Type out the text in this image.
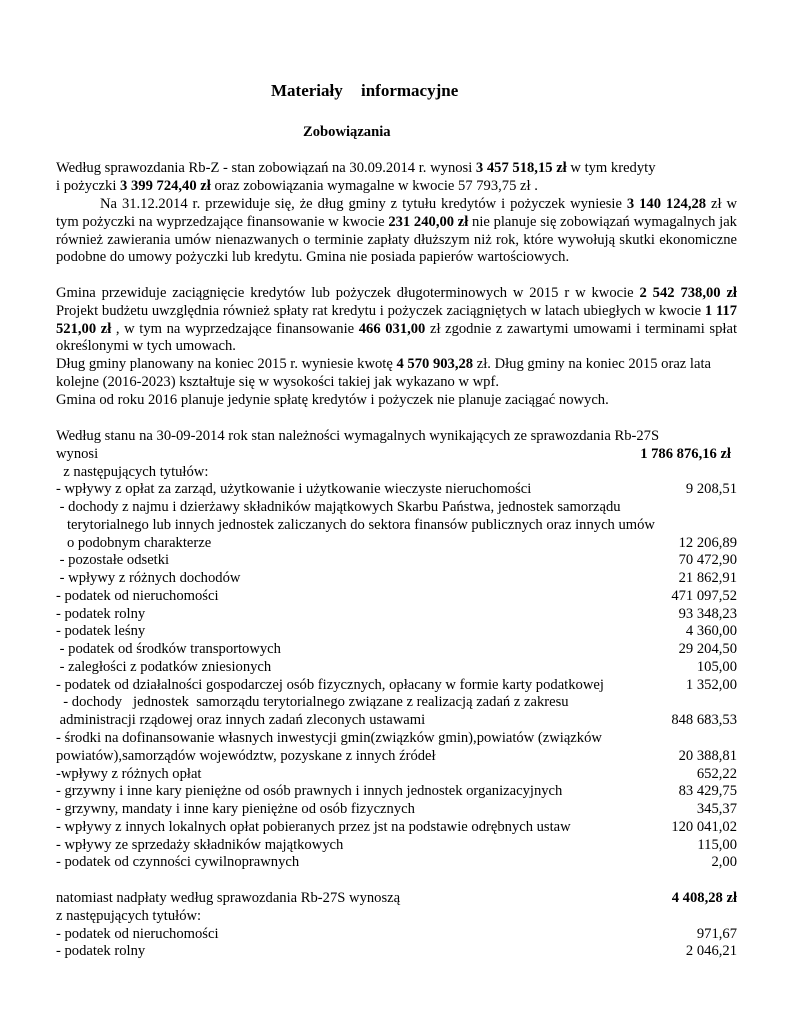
Materiały informacyjne
Zobowiązania
Według sprawozdania Rb-Z - stan zobowiązań na 30.09.2014 r. wynosi 3 457 518,15 zł w tym kredyty
i pożyczki 3 399 724,40 zł oraz zobowiązania wymagalne w kwocie 57 793,75 zł .
Na 31.12.2014 r. przewiduje się, że dług gminy z tytułu kredytów i pożyczek wyniesie 3 140 124,28 zł w tym pożyczki na wyprzedzające finansowanie w kwocie 231 240,00 zł nie planuje się zobowiązań wymagalnych jak również zawierania umów nienazwanych o terminie zapłaty dłuższym niż rok, które wywołują skutki ekonomiczne podobne do umowy pożyczki lub kredytu. Gmina nie posiada papierów wartościowych.
Gmina przewiduje zaciągnięcie kredytów lub pożyczek długoterminowych w 2015 r w kwocie 2 542 738,00 zł Projekt budżetu uwzględnia również spłaty rat kredytu i pożyczek zaciągniętych w latach ubiegłych w kwocie 1 117 521,00 zł , w tym na wyprzedzające finansowanie 466 031,00 zł zgodnie z zawartymi umowami i terminami spłat określonymi w tych umowach.
Dług gminy planowany na koniec 2015 r. wyniesie kwotę 4 570 903,28 zł. Dług gminy na koniec 2015 oraz lata kolejne (2016-2023) kształtuje się w wysokości takiej jak wykazano w wpf.
Gmina od roku 2016 planuje jedynie spłatę kredytów i pożyczek nie planuje zaciągać nowych.
Według stanu na 30-09-2014 rok stan należności wymagalnych wynikających ze sprawozdania Rb-27S
wynosi	1 786 876,16 zł
z następujących tytułów:
- wpływy z opłat za zarząd, użytkowanie i użytkowanie wieczyste nieruchomości	9 208,51
- dochody z najmu i dzierżawy składników majątkowych Skarbu Państwa, jednostek samorządu
terytorialnego lub innych jednostek zaliczanych do sektora finansów publicznych oraz innych umów
o podobnym charakterze	12 206,89
- pozostałe odsetki	70 472,90
- wpływy z różnych dochodów	21 862,91
- podatek od nieruchomości	471 097,52
- podatek rolny	93 348,23
- podatek leśny	4 360,00
- podatek od środków transportowych	29 204,50
- zaległości z podatków zniesionych	105,00
- podatek od działalności gospodarczej osób fizycznych, opłacany w formie karty podatkowej	1 352,00
- dochody   jednostek  samorządu terytorialnego związane z realizacją zadań z zakresu
administracji rządowej oraz innych zadań zleconych ustawami	848 683,53
- środki na dofinansowanie własnych inwestycji gmin(związków gmin),powiatów (związków
powiatów),samorządów województw, pozyskane z innych źródeł	20 388,81
-wpływy z różnych opłat	652,22
- grzywny i inne kary pieniężne od osób prawnych i innych jednostek organizacyjnych	83 429,75
- grzywny, mandaty i inne kary pieniężne od osób fizycznych	345,37
- wpływy z innych lokalnych opłat pobieranych przez jst na podstawie odrębnych ustaw	120 041,02
- wpływy ze sprzedaży składników majątkowych	115,00
- podatek od czynności cywilnoprawnych	2,00
natomiast nadpłaty według sprawozdania Rb-27S wynoszą	4 408,28 zł
z następujących tytułów:
- podatek od nieruchomości	971,67
- podatek rolny	2 046,21
